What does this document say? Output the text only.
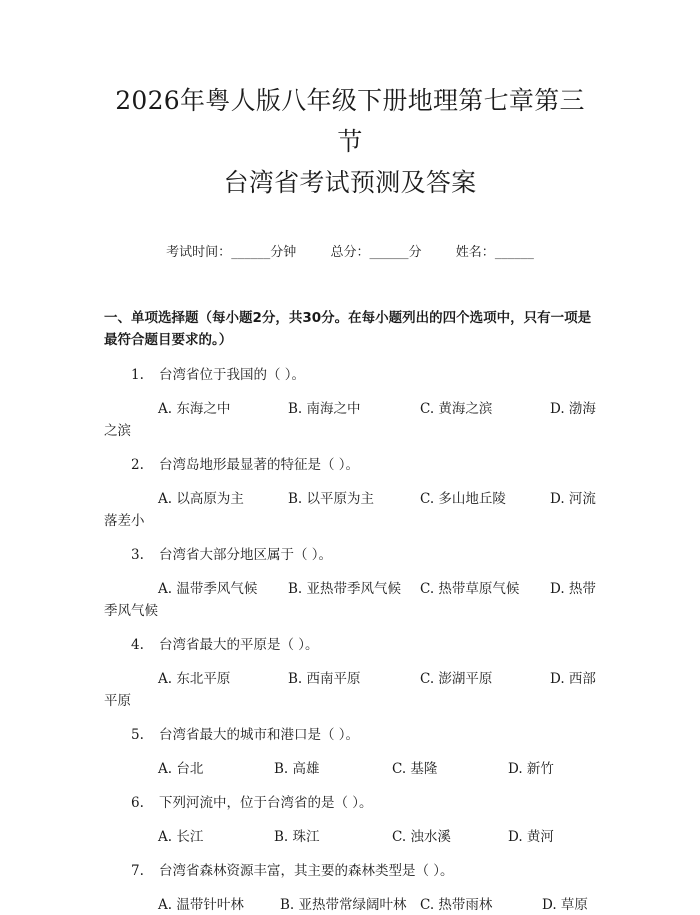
2026年粤人版八年级下册地理第七章第三节
台湾省考试预测及答案
考试时间：______分钟	总分：______分	姓名：______
一、单项选择题（每小题2分，共30分。在每小题列出的四个选项中，只有一项是最符合题目要求的。）
1. 台湾省位于我国的（ ）。
A. 东海之中	B. 南海之中	C. 黄海之滨	D. 渤海
之滨
2. 台湾岛地形最显著的特征是（ ）。
A. 以高原为主	B. 以平原为主	C. 多山地丘陵	D. 河流
落差小
3. 台湾省大部分地区属于（ ）。
A. 温带季风气候 B. 亚热带季风气候 C. 热带草原气候 D. 热带
季风气候
4. 台湾省最大的平原是（ ）。
A. 东北平原	B. 西南平原	C. 澎湖平原	D. 西部
平原
5. 台湾省最大的城市和港口是（ ）。
A. 台北	B. 高雄	C. 基隆	D. 新竹
6. 下列河流中，位于台湾省的是（ ）。
A. 长江	B. 珠江	C. 浊水溪	D. 黄河
7. 台湾省森林资源丰富，其主要的森林类型是（ ）。
A. 温带针叶林	B. 亚热带常绿阔叶林 C. 热带雨林	D. 草原
